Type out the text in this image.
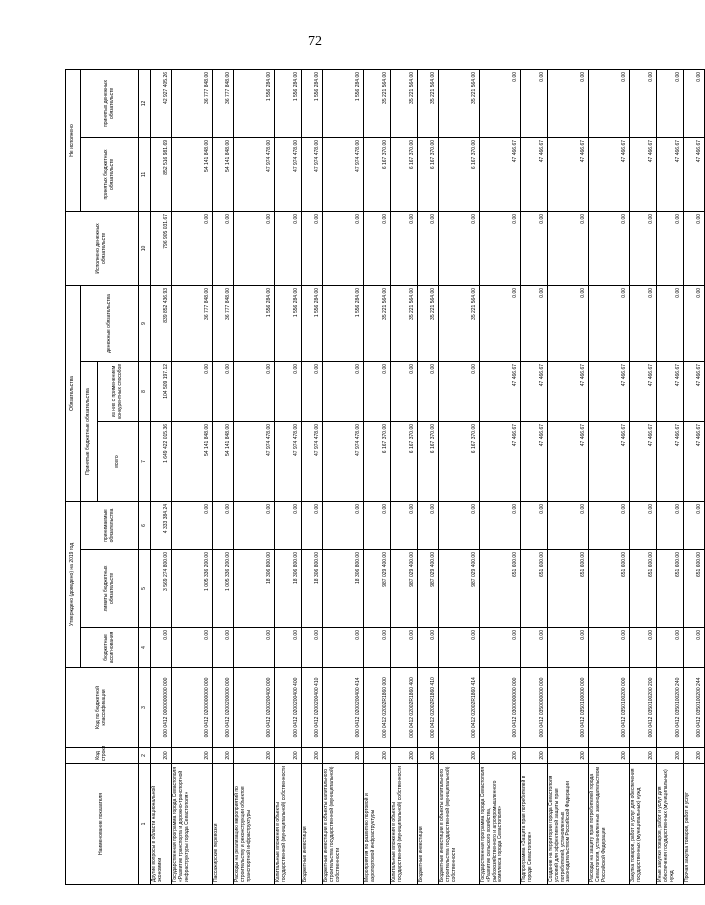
72
Наименование показателя	Код строки	Код по бюджетной классификации	Утверждено (доведено) на 2019 год			Обязательства			Исполнено денежных обязательств	Не исполнено	
			бюджетные ассигнования	лимиты бюджетных обязательств	принимаемые обязательства	Принятые бюджетные обязательства		денежные обязательства		принятых бюджетных обязательств	принятых денежных обязательств
						всего	из них с применением конкурентных способов				
1	2	3	4	5	6	7	8	9	10	11	12
Другие вопросы в области национальной экономики	200	000 0412 0000000000 000	0.00	3 569 274 800.00	4 333 384.24	1 649 422 015.36	104 509 197.12	839 852 436.93	796 905 031.67	852 516 981.69	42 927 405.26
Государственная программа города Севастополя «Развитие транспорта и дорожно-транспортной инфраструктуры города Севастополя»	200	000 0412 0200000000 000	0.00	1 005 336 200.00	0.00	54 141 848.00	0.00	36 777 848.00	0.00	54 141 848.00	36 777 848.00
Пассажирские перевозки	200	000 0412 0200200000 000	0.00	1 005 336 200.00	0.00	54 141 848.00	0.00	36 777 848.00	0.00	54 141 848.00	36 777 848.00
Расходы на реализацию мероприятий по строительству и реконструкции объектов транспортной инфраструктуры	200	000 0412 0200200400 000	0.00	18 306 800.00	0.00	47 974 478.00	0.00	1 556 284.00	0.00	47 974 478.00	1 556 284.00
Капитальные вложения в объекты государственной (муниципальной) собственности	200	000 0412 0200200400 400	0.00	18 306 800.00	0.00	47 974 478.00	0.00	1 556 284.00	0.00	47 974 478.00	1 556 284.00
Бюджетные инвестиции	200	000 0412 0200200400 410	0.00	18 306 800.00	0.00	47 974 478.00	0.00	1 556 284.00	0.00	47 974 478.00	1 556 284.00
Бюджетные инвестиции в объекты капитального строительства государственной (муниципальной) собственности	200	000 0412 0200200400 414	0.00	18 306 800.00	0.00	47 974 478.00	0.00	1 556 284.00	0.00	47 974 478.00	1 556 284.00
Мероприятия по развитию портовой и аэропортовой инфраструктуры	200	000 0412 02002R1860 000	0.00	987 029 400.00	0.00	6 167 370.00	0.00	35 221 564.00	0.00	6 167 370.00	35 221 564.00
Капитальные вложения в объекты государственной (муниципальной) собственности	200	000 0412 02002R1860 400	0.00	987 029 400.00	0.00	6 167 370.00	0.00	35 221 564.00	0.00	6 167 370.00	35 221 564.00
Бюджетные инвестиции	200	000 0412 02002R1860 410	0.00	987 029 400.00	0.00	6 167 370.00	0.00	35 221 564.00	0.00	6 167 370.00	35 221 564.00
Бюджетные инвестиции в объекты капитального строительства государственной (муниципальной) собственности	200	000 0412 02002R1860 414	0.00	987 029 400.00	0.00	6 167 370.00	0.00	35 221 564.00	0.00	6 167 370.00	35 221 564.00
Государственная программа города Севастополя «Развитие сельского хозяйства, рыбохозяйственного и агропромышленного комплекса города Севастополя»	200	000 0412 0300000000 000	0.00	651 600.00	0.00	47 466.67	47 466.67	0.00	0.00	47 466.67	0.00
Подпрограмма «Защита прав потребителей в городе Севастополе»	200	000 0412 0350000000 000	0.00	651 600.00	0.00	47 466.67	47 466.67	0.00	0.00	47 466.67	0.00
Создание на территории города Севастополя условий для эффективной защиты прав потребителей, установленных законодательством Российской Федерации	200	000 0412 0350100000 000	0.00	651 600.00	0.00	47 466.67	47 466.67	0.00	0.00	47 466.67	0.00
Расходы на защиту прав потребителей города Севастополя, установленных законодательством Российской Федерации	200	000 0412 0350100200 000	0.00	651 600.00	0.00	47 466.67	47 466.67	0.00	0.00	47 466.67	0.00
Закупка товаров, работ и услуг для обеспечения государственных (муниципальных) нужд	200	000 0412 0350100200 200	0.00	651 600.00	0.00	47 466.67	47 466.67	0.00	0.00	47 466.67	0.00
Иные закупки товаров, работ и услуг для обеспечения государственных (муниципальных) нужд	200	000 0412 0350100200 240	0.00	651 600.00	0.00	47 466.67	47 466.67	0.00	0.00	47 466.67	0.00
Прочая закупка товаров, работ и услуг	200	000 0412 0350100200 244	0.00	651 600.00	0.00	47 466.67	47 466.67	0.00	0.00	47 466.67	0.00
